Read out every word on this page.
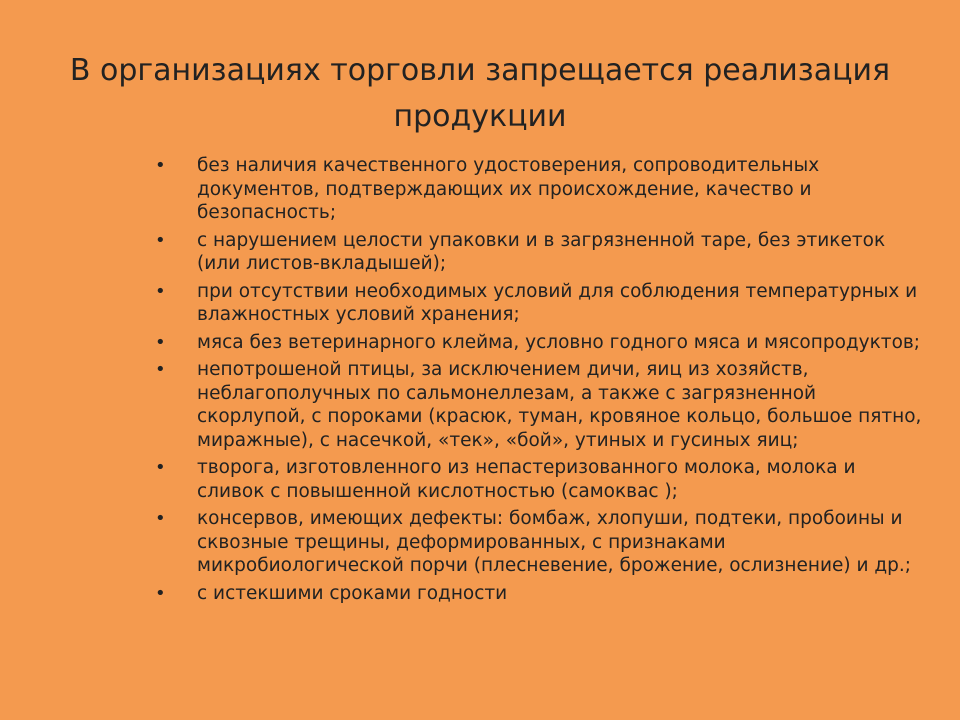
В организациях торговли запрещается реализация
продукции
•	без наличия качественного удостоверения, сопроводительных документов, подтверждающих их происхождение, качество и безопасность;
•	с нарушением целости упаковки и в загрязненной таре, без этикеток (или листов-вкладышей);
•	при отсутствии необходимых условий для соблюдения температурных и влажностных условий хранения;
•	мяса без ветеринарного клейма, условно годного мяса и мясопродуктов;
•	непотрошеной птицы, за исключением дичи, яиц из хозяйств, неблагополучных по сальмонеллезам, а также с загрязненной скорлупой, с пороками (красюк, туман, кровяное кольцо, большое пятно, миражные), с насечкой, «тек», «бой», утиных и гусиных яиц;
•	творога, изготовленного из непастеризованного молока, молока и сливок с повышенной кислотностью (самоквас );
•	консервов, имеющих дефекты: бомбаж, хлопуши, подтеки, пробоины и сквозные трещины, деформированных, с признаками микробиологической порчи (плесневение, брожение, ослизнение) и др.;
•	с истекшими сроками годности
